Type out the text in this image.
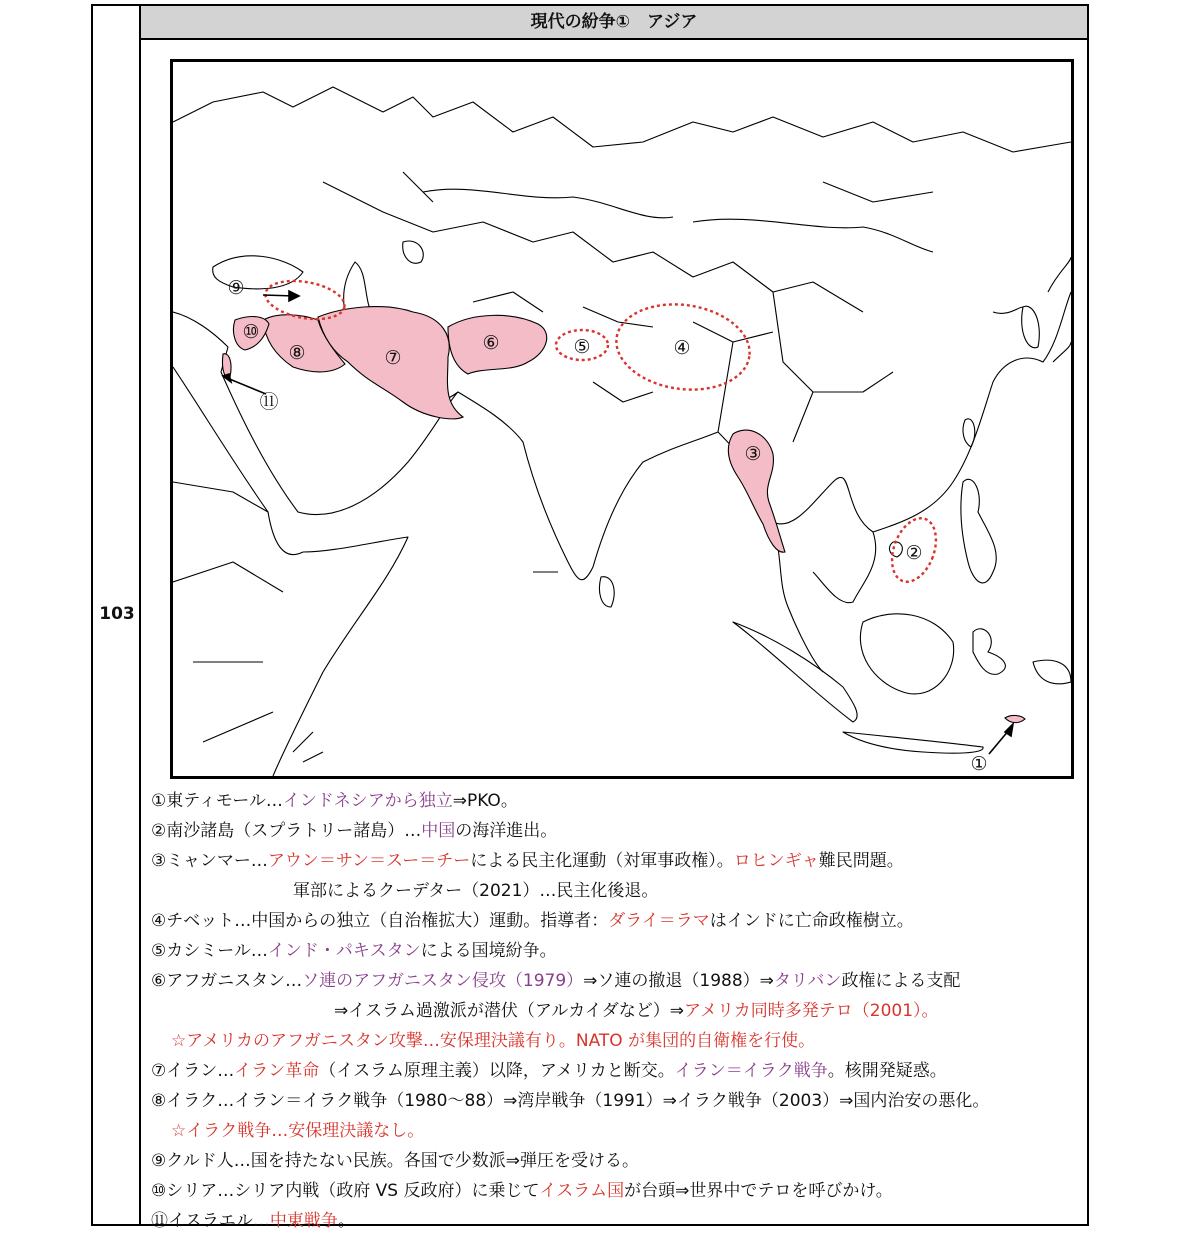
103
現代の紛争①　アジア
①
②
③
④
⑤
⑥
⑦
⑧
⑨
⑩
⑪
①東ティモール…インドネシアから独立⇒PKO。
②南沙諸島（スプラトリー諸島）…中国の海洋進出。
③ミャンマー…アウン＝サン＝スー＝チーによる民主化運動（対軍事政権）。ロヒンギャ難民問題。
軍部によるクーデター（2021）…民主化後退。
④チベット…中国からの独立（自治権拡大）運動。指導者：ダライ＝ラマはインドに亡命政権樹立。
⑤カシミール…インド・パキスタンによる国境紛争。
⑥アフガニスタン…ソ連のアフガニスタン侵攻（1979）⇒ソ連の撤退（1988）⇒タリバン政権による支配
⇒イスラム過激派が潜伏（アルカイダなど）⇒アメリカ同時多発テロ（2001）。
☆アメリカのアフガニスタン攻撃…安保理決議有り。NATO が集団的自衛権を行使。
⑦イラン…イラン革命（イスラム原理主義）以降，アメリカと断交。イラン＝イラク戦争。核開発疑惑。
⑧イラク…イラン＝イラク戦争（1980～88）⇒湾岸戦争（1991）⇒イラク戦争（2003）⇒国内治安の悪化。
☆イラク戦争…安保理決議なし。
⑨クルド人…国を持たない民族。各国で少数派⇒弾圧を受ける。
⑩シリア…シリア内戦（政府 VS 反政府）に乗じてイスラム国が台頭⇒世界中でテロを呼びかけ。
⑪イスラエル…中東戦争。
